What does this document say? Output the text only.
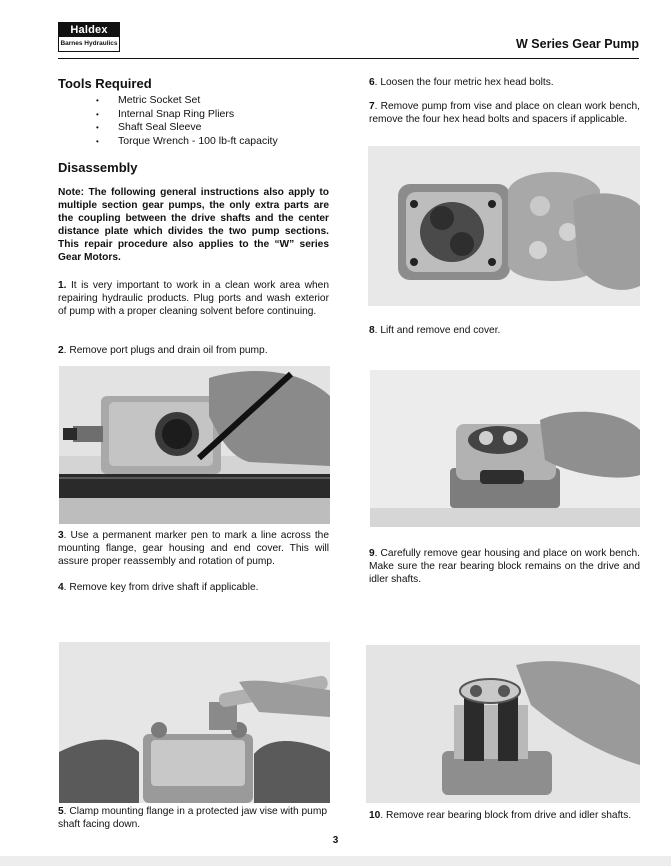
Haldex
Barnes Hydraulics	W Series Gear Pump
Tools Required
• Metric Socket Set
• Internal Snap Ring Pliers
• Shaft Seal Sleeve
• Torque Wrench - 100 lb-ft capacity
Disassembly
Note: The following general instructions also apply to multiple section gear pumps, the only extra parts are the coupling between the drive shafts and the center distance plate which divides the two pump sections. This repair procedure also applies to the “W” series Gear Motors.
1. It is very important to work in a clean work area when repairing hydraulic products. Plug ports and wash exterior of pump with a proper cleaning solvent before continuing.
2. Remove port plugs and drain oil from pump.
3. Use a permanent marker pen to mark a line across the mounting flange, gear housing and end cover. This will assure proper reassembly and rotation of pump.
4. Remove key from drive shaft if applicable.
5. Clamp mounting flange in a protected jaw vise with pump shaft facing down.
6. Loosen the four metric hex head bolts.
7. Remove pump from vise and place on clean work bench, remove the four hex head bolts and spacers if applicable.
8. Lift and remove end cover.
9. Carefully remove gear housing and place on work bench. Make sure the rear bearing block remains on the drive and idler shafts.
10. Remove rear bearing block from drive and idler shafts.
3
